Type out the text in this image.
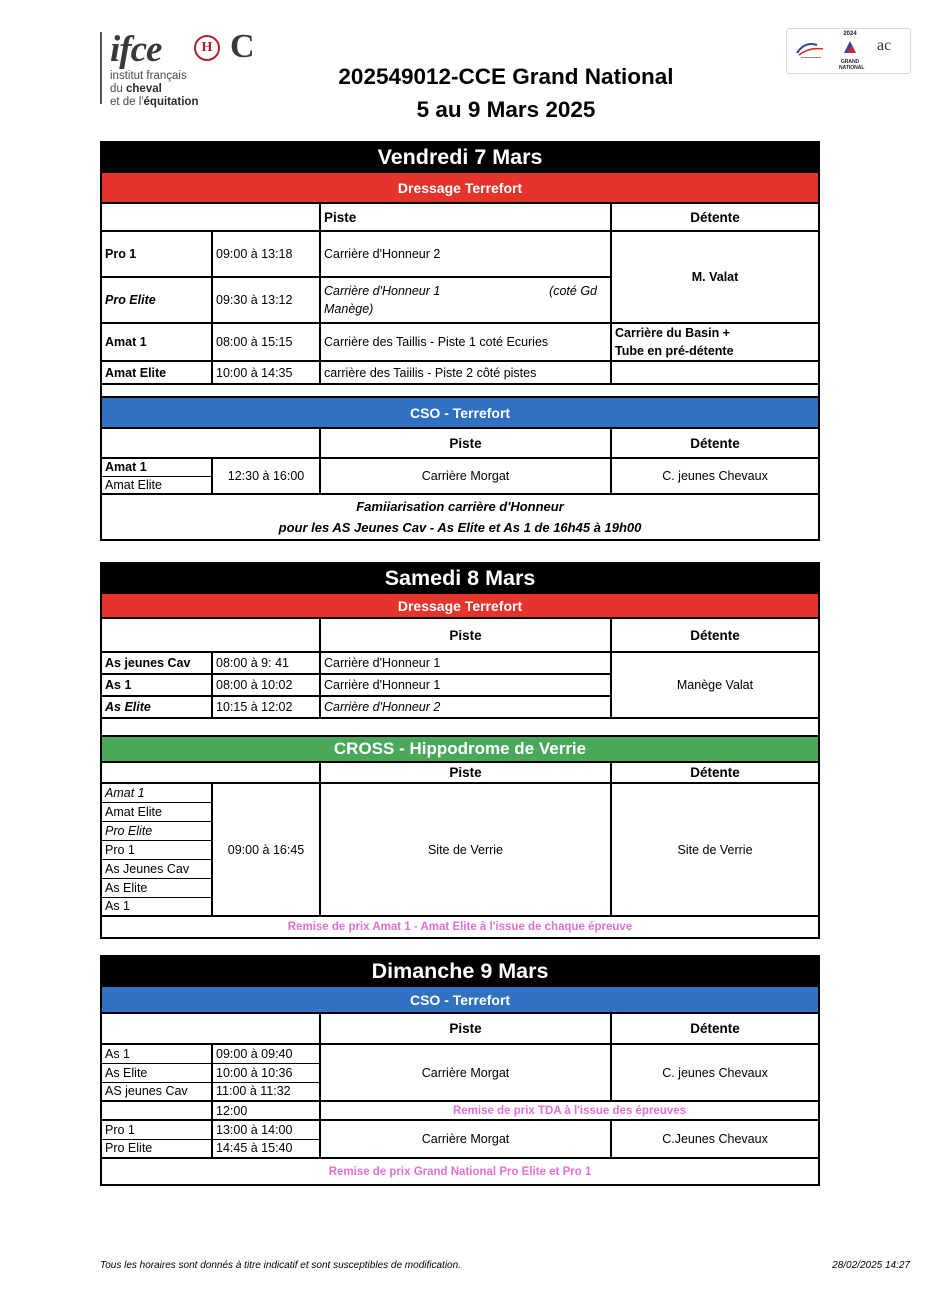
ifce	H C
institut français
du cheval
et de l'équitation
202549012-CCE Grand National
5 au 9 Mars 2025
2024
GRAND NATIONAL
ac
Vendredi 7 Mars			
Dressage Terrefort			
		Piste	Détente
Pro 1	09:00 à 13:18	Carrière d'Honneur 2	M. Valat
Pro Elite	09:30 à 13:12	Carrière d'Honneur 1 (coté Gd
Manège)	

Amat 1	08:00 à 15:15	Carrière des Taillis - Piste 1 coté Ecuries	Carrière du Basin +
Tube en pré-détente

Amat Elite	10:00 à 14:35	carrière des Taiilis - Piste 2 côté pistes	

CSO - Terrefort			
		Piste	Détente
Amat 1	12:30 à 16:00	Carrière Morgat	C. jeunes Chevaux
Amat Elite			

Famiiarisation carrière d'Honneur
pour les AS Jeunes Cav - As Elite et As 1 de 16h45 à 19h00			
Samedi 8 Mars			
Dressage Terrefort			
		Piste	Détente
As jeunes Cav	08:00 à 9: 41	Carrière d'Honneur 1	Manège Valat
As 1	08:00 à 10:02	Carrière d'Honneur 1	
As Elite	10:15 à 12:02	Carrière d'Honneur 2	

CROSS - Hippodrome de Verrie			
		Piste	Détente
Amat 1	09:00 à 16:45	Site de Verrie	Site de Verrie
Amat Elite			
Pro Elite			
Pro 1			
As Jeunes Cav			
As Elite			
As 1			
Remise de prix Amat 1 - Amat Elite à l'issue de chaque épreuve			
Dimanche 9 Mars			
CSO - Terrefort			
		Piste	Détente
As 1	09:00 à 09:40	Carrière Morgat	C. jeunes Chevaux
As Elite	10:00 à 10:36		
AS jeunes Cav	11:00 à 11:32		
	12:00	Remise de prix TDA à l'issue des épreuves	
Pro 1	13:00 à 14:00	Carrière Morgat	C.Jeunes Chevaux
Pro Elite	14:45 à 15:40		
Remise de prix Grand National Pro Elite et Pro 1			
Tous les horaires sont donnés à titre indicatif et sont susceptibles de modification.	28/02/2025 14:27
